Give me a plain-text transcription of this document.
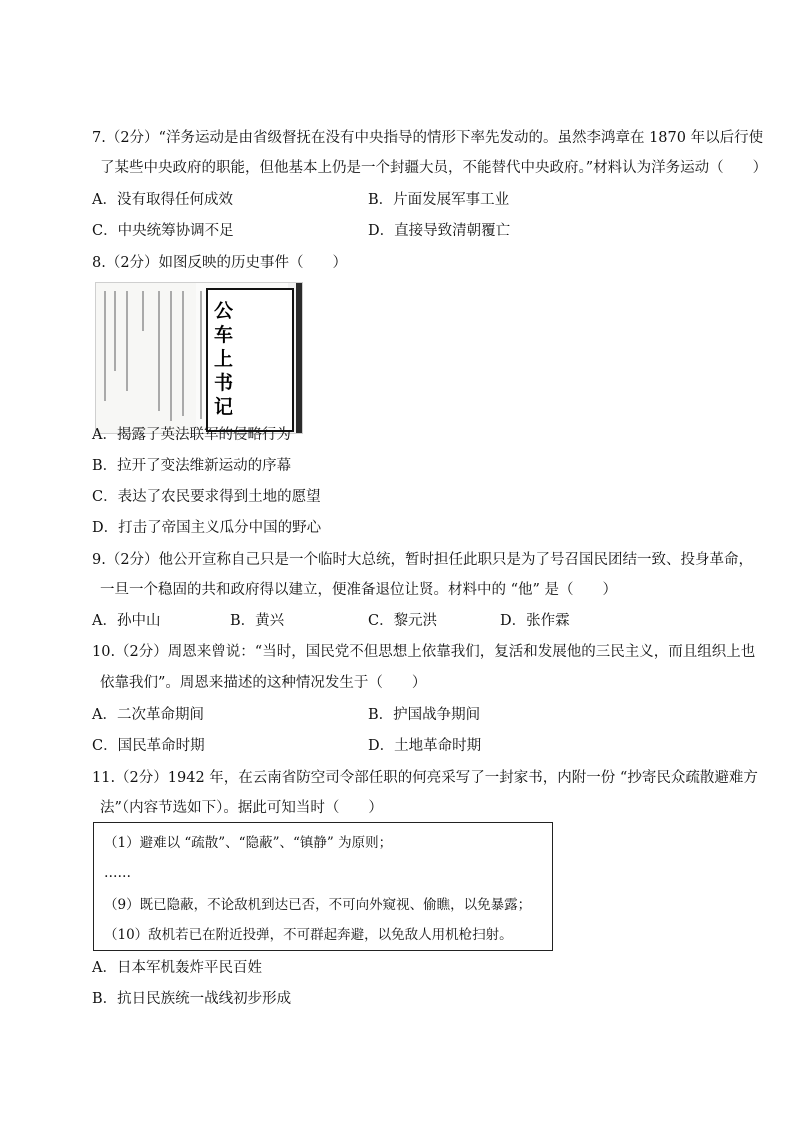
7.（2分）“洋务运动是由省级督抚在没有中央指导的情形下率先发动的。虽然李鸿章在 1870 年以后行使
了某些中央政府的职能，但他基本上仍是一个封疆大员，不能替代中央政府。”材料认为洋务运动（　　）
A．没有取得任何成效	B．片面发展军事工业
C．中央统筹协调不足	D．直接导致清朝覆亡
8.（2分）如图反映的历史事件（　　）
公
车
上
书
记
A．揭露了英法联军的侵略行为
B．拉开了变法维新运动的序幕
C．表达了农民要求得到土地的愿望
D．打击了帝国主义瓜分中国的野心
9.（2分）他公开宣称自己只是一个临时大总统，暂时担任此职只是为了号召国民团结一致、投身革命，
一旦一个稳固的共和政府得以建立，便准备退位让贤。材料中的 “他” 是（　　）
A．孙中山	B．黄兴	C．黎元洪	D．张作霖
10.（2分）周恩来曾说：“当时，国民党不但思想上依靠我们，复活和发展他的三民主义，而且组织上也
依靠我们”。周恩来描述的这种情况发生于（　　）
A．二次革命期间	B．护国战争期间
C．国民革命时期	D．土地革命时期
11.（2分）1942 年，在云南省防空司令部任职的何亮采写了一封家书，内附一份 “抄寄民众疏散避难方
法”（内容节选如下）。据此可知当时（　　）
（1）避难以 “疏散”、“隐蔽”、“镇静” 为原则；
……
（9）既已隐蔽，不论敌机到达已否，不可向外窥视、偷瞧，以免暴露；
（10）敌机若已在附近投弹，不可群起奔避，以免敌人用机枪扫射。
A．日本军机轰炸平民百姓
B．抗日民族统一战线初步形成
